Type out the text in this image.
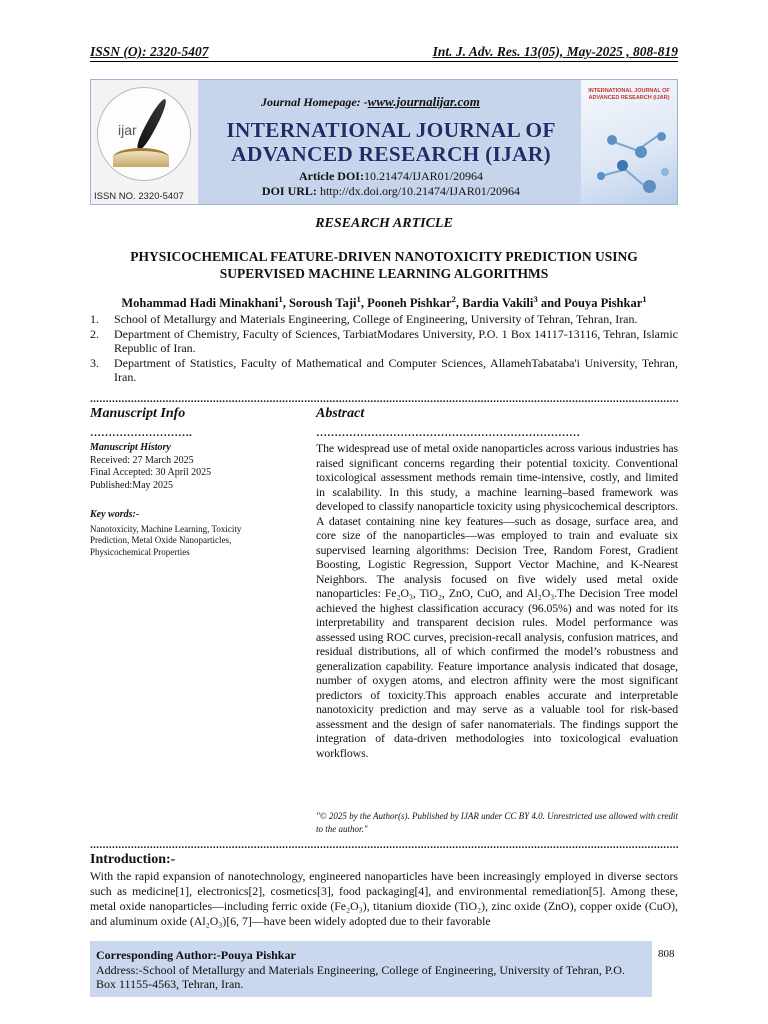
ISSN (O): 2320-5407	Int. J. Adv. Res. 13(05), May-2025 , 808-819
ijar
ISSN NO. 2320-5407
Journal Homepage: -www.journalijar.com
INTERNATIONAL JOURNAL OF
ADVANCED RESEARCH (IJAR)
Article DOI:10.21474/IJAR01/20964
DOI URL: http://dx.doi.org/10.21474/IJAR01/20964
INTERNATIONAL JOURNAL OF ADVANCED RESEARCH (IJAR)
RESEARCH ARTICLE
PHYSICOCHEMICAL FEATURE-DRIVEN NANOTOXICITY PREDICTION USING
SUPERVISED MACHINE LEARNING ALGORITHMS
Mohammad Hadi Minakhani$^1$, Soroush Taji$^1$, Pooneh Pishkar$^2$, Bardia Vakili$^3$ and Pouya Pishkar$^1$
1.	School of Metallurgy and Materials Engineering, College of Engineering, University of Tehran, Tehran, Iran.
2.	Department of Chemistry, Faculty of Sciences, TarbiatModares University, P.O. 1 Box 14117-13116, Tehran, Islamic Republic of Iran.
3.	Department of Statistics, Faculty of Mathematical and Computer Sciences, AllamehTabataba'i University, Tehran, Iran.
.....
Manuscript Info	Abstract
……………………….	………………………………………………………………
Manuscript History
Received: 27 March 2025
Final Accepted: 30 April 2025
Published:May 2025
Key words:-
Nanotoxicity, Machine Learning, Toxicity Prediction, Metal Oxide Nanoparticles, Physicochemical Properties
The widespread use of metal oxide nanoparticles across various industries has raised significant concerns regarding their potential toxicity. Conventional toxicological assessment methods remain time-intensive, costly, and limited in scalability. In this study, a machine learning–based framework was developed to classify nanoparticle toxicity using physicochemical descriptors. A dataset containing nine key features—such as dosage, surface area, and core size of the nanoparticles—was employed to train and evaluate six supervised learning algorithms: Decision Tree, Random Forest, Gradient Boosting, Logistic Regression, Support Vector Machine, and K-Nearest Neighbors. The analysis focused on five widely used metal oxide nanoparticles: Fe₂O₃, TiO₂, ZnO, CuO, and Al₂O₃.The Decision Tree model achieved the highest classification accuracy (96.05%) and was noted for its interpretability and transparent decision rules. Model performance was assessed using ROC curves, precision-recall analysis, confusion matrices, and residual distributions, all of which confirmed the model’s robustness and generalization capability. Feature importance analysis indicated that dosage, number of oxygen atoms, and electron affinity were the most significant predictors of toxicity.This approach enables accurate and interpretable nanotoxicity prediction and may serve as a valuable tool for risk-based assessment and the design of safer nanomaterials. The findings support the integration of data-driven methodologies into toxicological evaluation workflows.
"© 2025 by the Author(s). Published by IJAR under CC BY 4.0. Unrestricted use allowed with credit to the author."
.....
Introduction:-
With the rapid expansion of nanotechnology, engineered nanoparticles have been increasingly employed in diverse sectors such as medicine[1], electronics[2], cosmetics[3], food packaging[4], and environmental remediation[5]. Among these, metal oxide nanoparticles—including ferric oxide (Fe₂O₃), titanium dioxide (TiO₂), zinc oxide (ZnO), copper oxide (CuO), and aluminum oxide (Al₂O₃)[6, 7]—have been widely adopted due to their favorable
Corresponding Author:-Pouya Pishkar
Address:-School of Metallurgy and Materials Engineering, College of Engineering, University of Tehran, P.O. Box 11155-4563, Tehran, Iran.
808
